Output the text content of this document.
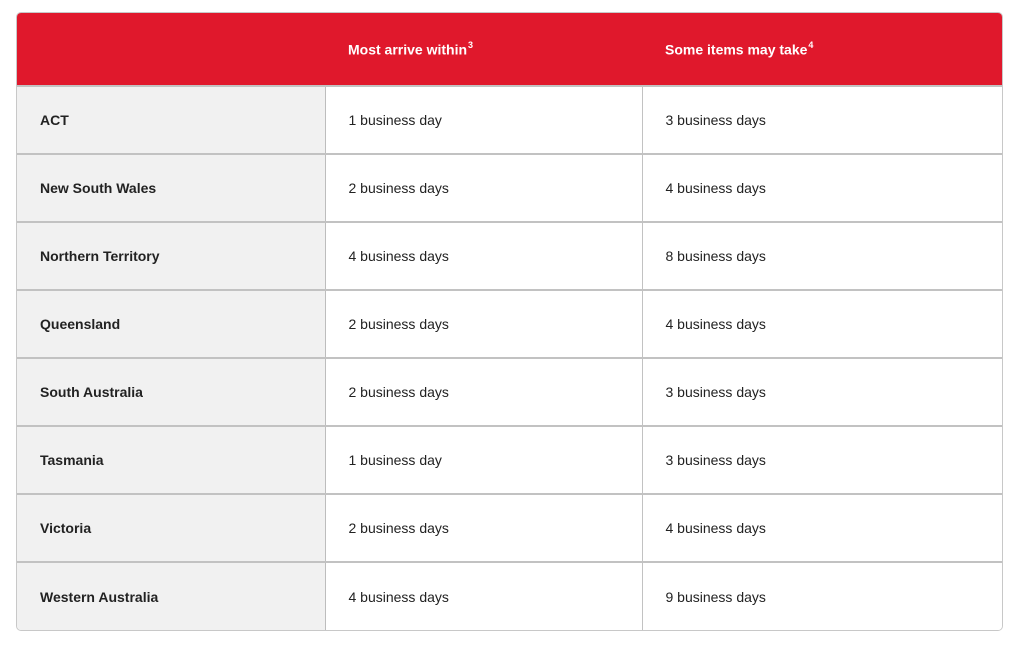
	Most arrive within$^3$	Some items may take$^4$
ACT	1 business day	3 business days
New South Wales	2 business days	4 business days
Northern Territory	4 business days	8 business days
Queensland	2 business days	4 business days
South Australia	2 business days	3 business days
Tasmania	1 business day	3 business days
Victoria	2 business days	4 business days
Western Australia	4 business days	9 business days
